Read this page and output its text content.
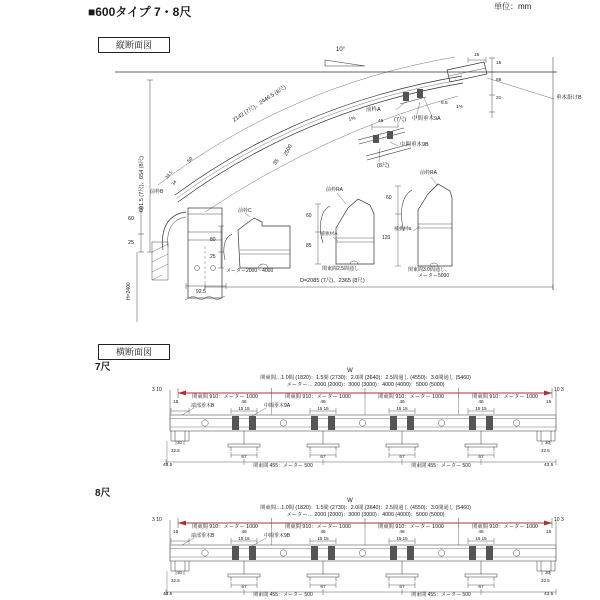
■600タイプ 7・8尺	単位：mm
縦断面図
横断面図
10°
2142 (7尺)、2446.5 (8尺)
2500
35
601.5 (7尺)、654 (8尺)
15
15
68
31
8.5
1%
1%
垂木掛けB
前枠A
(7尺) 中間垂木9A
46
中間垂木9B
(8尺)
50
34.5
34
前枠B
60
25
H=2400	92.5
前枠C
80
25
メーター2000〜4000
前枠RA
60
85
補強材A
関東間2.5間通し
前枠RA
60
120
補強材B
関東間3.0間通し、
メーター5000
D=2085 (7尺)、2365 (8尺)
7尺	W
関東間…1.0間 (1820)：1.5間 (2730)：2.0間 (3640)：2.5間通し (4550)：3.0間通し (5460)
メーター… 2000 (2000)：3000 (3000)：4000 (4000)：5000 (5000)
3 10	10 3
関東間 910：メーター 1000	関東間 910：メーター 1000	関東間 910：メーター 1000	関東間 910：メーター 1000
15	15
46	46	46	46
15 15	15 15	15 15	15 15
端部垂木B	中間垂木9A
67	67	67	67
30	30
32.5	32.5
43.5	43.5
関東間 455：メーター 500	関東間 455：メーター 500
8尺
W
関東間…1.0間 (1820)：1.5間 (2730)：2.0間 (3640)：2.5間通し (4550)：3.0間通し (5460)
メーター… 2000 (2000)：3000 (3000)：4000 (4000)：5000 (5000)
3 10	10 3
関東間 910：メーター 1000	関東間 910：メーター 1000	関東間 910：メーター 1000	関東間 910：メーター 1000
15	15
46	46	46	46
15 15	15 15	15 15	15 15
端部垂木B	中間垂木9B
67	67	67	67
30	30
32.5	32.5
43.5	43.5
関東間 455：メーター 500	関東間 455：メーター 500
